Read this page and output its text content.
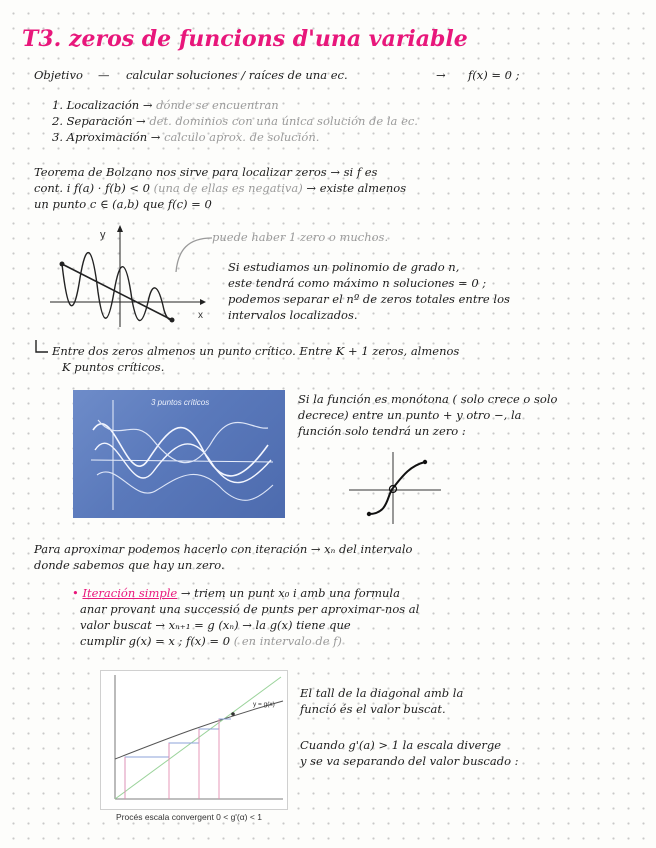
T3. zeros de funcions d'una variable
Objetivo — calcular soluciones / raíces de una ec.	→ f(x) = 0 ;
1. Localización → dónde se encuentran
2. Separación → det. dominios con una única solución de la ec.
3. Aproximación → calculo aprox. de solución.
Teorema de Bolzano nos sirve para localizar zeros → si f es
cont. i f(a) · f(b) < 0 (una de ellas es negativa) → existe almenos
un punto c ∈ (a,b) que f(c) = 0
y
x
puede haber 1 zero o muchos.
Si estudiamos un polinomio de grado n,
este tendrá como máximo n soluciones = 0 ;
podemos separar el nº de zeros totales entre los
intervalos localizados.
Entre dos zeros almenos un punto crítico. Entre K + 1 zeros, almenos
K puntos críticos.
3 puntos críticos	Si la función es monótona ( solo crece o solo
decrece) entre un punto + y otro −, la
función solo tendrá un zero :
Para aproximar podemos hacerlo con iteración → xₙ del intervalo
donde sabemos que hay un zero.
• Iteración simple → triem un punt x₀ i amb una formula
anar provant una successió de punts per aproximar-nos al
valor buscat → xₙ₊₁ = g (xₙ) → la g(x) tiene que
cumplir g(x) = x ; f(x) = 0 ( en intervalo de f)
y = g(x)
Procés escala convergent 0 < g'(α) < 1
El tall de la diagonal amb la
funció és el valor buscat.
Cuando g'(a) > 1 la escala diverge
y se va separando del valor buscado :
